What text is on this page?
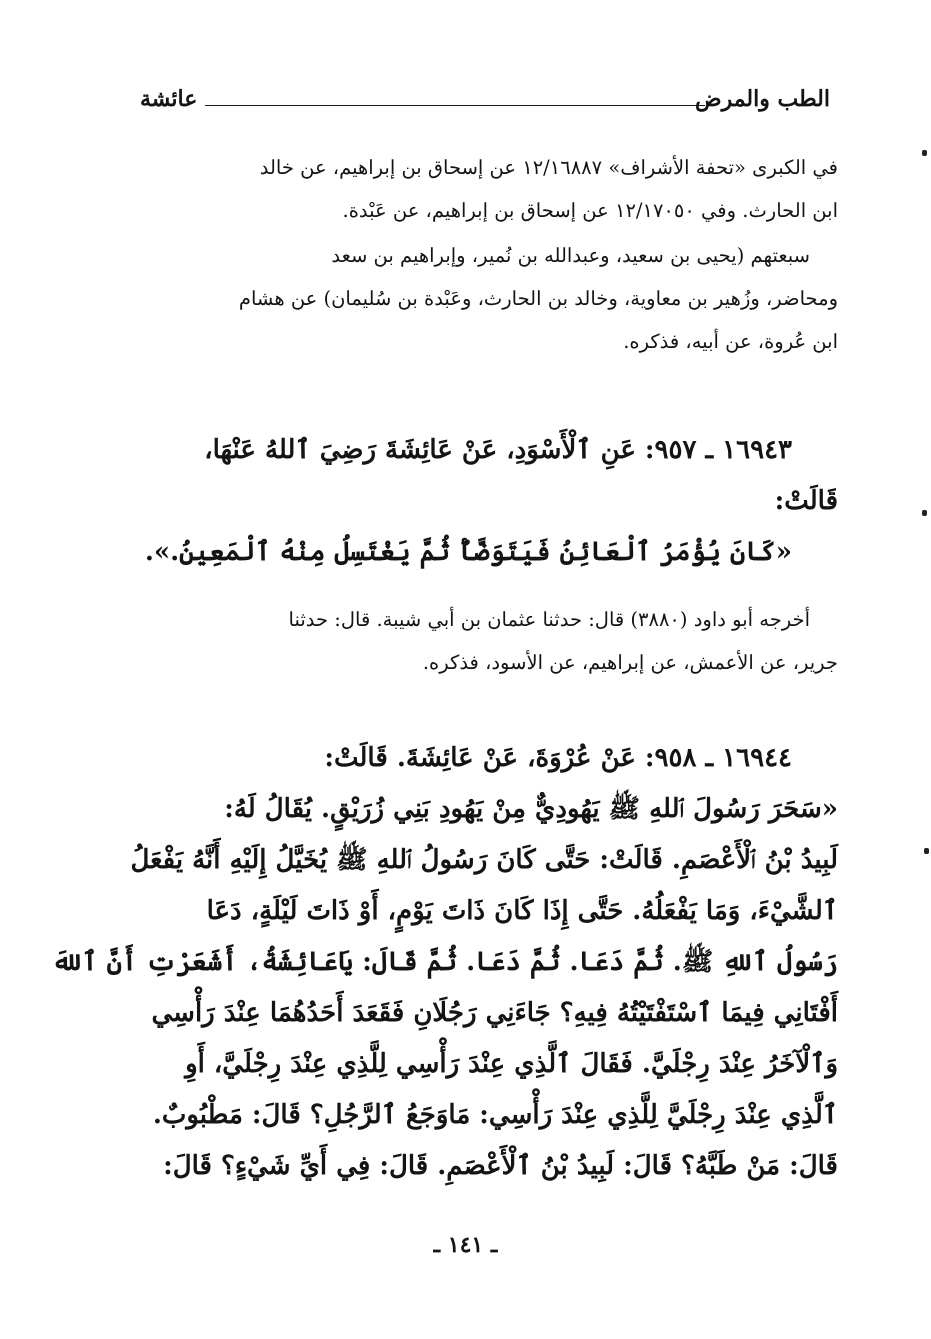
الطب والمرض
عائشة
في الكبرى «تحفة الأشراف» ١٢/١٦٨٨٧ عن إسحاق بن إبراهيم، عن خالد
ابن الحارث. وفي ١٢/١٧٠٥٠ عن إسحاق بن إبراهيم، عن عَبْدة.
سبعتهم (يحيى بن سعيد، وعبدالله بن نُمير، وإبراهيم بن سعد
ومحاضر، وزُهير بن معاوية، وخالد بن الحارث، وعَبْدة بن سُليمان) عن هشام
ابن عُروة، عن أبيه، فذكره.
١٦٩٤٣ ـ ٩٥٧: عَنِ ٱلْأَسْوَدِ، عَنْ عَائِشَةَ رَضِيَ ٱللهُ عَنْهَا،
قَالَتْ:
«كَانَ يُؤْمَرُ ٱلْعَائِنُ فَيَتَوَضَّأُ ثُمَّ يَغْتَسِلُ مِنْهُ ٱلْمَعِينُ.».
أخرجه أبو داود (٣٨٨٠) قال: حدثنا عثمان بن أبي شيبة. قال: حدثنا
جرير، عن الأعمش، عن إبراهيم، عن الأسود، فذكره.
١٦٩٤٤ ـ ٩٥٨: عَنْ عُرْوَةَ، عَنْ عَائِشَةَ. قَالَتْ:
«سَحَرَ رَسُولَ ٱللهِ ﷺ يَهُودِيٌّ مِنْ يَهُودِ بَنِي زُرَيْقٍ. يُقَالُ لَهُ:
لَبِيدُ بْنُ ٱلْأَعْصَمِ. قَالَتْ: حَتَّى كَانَ رَسُولُ ٱللهِ ﷺ يُخَيَّلُ إِلَيْهِ أَنَّهُ يَفْعَلُ
ٱلشَّيْءَ، وَمَا يَفْعَلُهُ. حَتَّى إِذَا كَانَ ذَاتَ يَوْمٍ، أَوْ ذَاتَ لَيْلَةٍ، دَعَا
رَسُولُ ٱللهِ ﷺ. ثُمَّ دَعَا. ثُمَّ دَعَا. ثُمَّ قَالَ: يَاعَائِشَةُ، أَشَعَرْتِ أَنَّ ٱللهَ
أَفْتَانِي فِيمَا ٱسْتَفْتَيْتُهُ فِيهِ؟ جَاءَنِي رَجُلَانِ فَقَعَدَ أَحَدُهُمَا عِنْدَ رَأْسِي
وَٱلْآخَرُ عِنْدَ رِجْلَيَّ. فَقَالَ ٱلَّذِي عِنْدَ رَأْسِي لِلَّذِي عِنْدَ رِجْلَيَّ، أَوِ
ٱلَّذِي عِنْدَ رِجْلَيَّ لِلَّذِي عِنْدَ رَأْسِي: مَاوَجَعُ ٱلرَّجُلِ؟ قَالَ: مَطْبُوبٌ.
قَالَ: مَنْ طَبَّهُ؟ قَالَ: لَبِيدُ بْنُ ٱلْأَعْصَمِ. قَالَ: فِي أَيِّ شَيْءٍ؟ قَالَ:
ـ ١٤١ ـ
